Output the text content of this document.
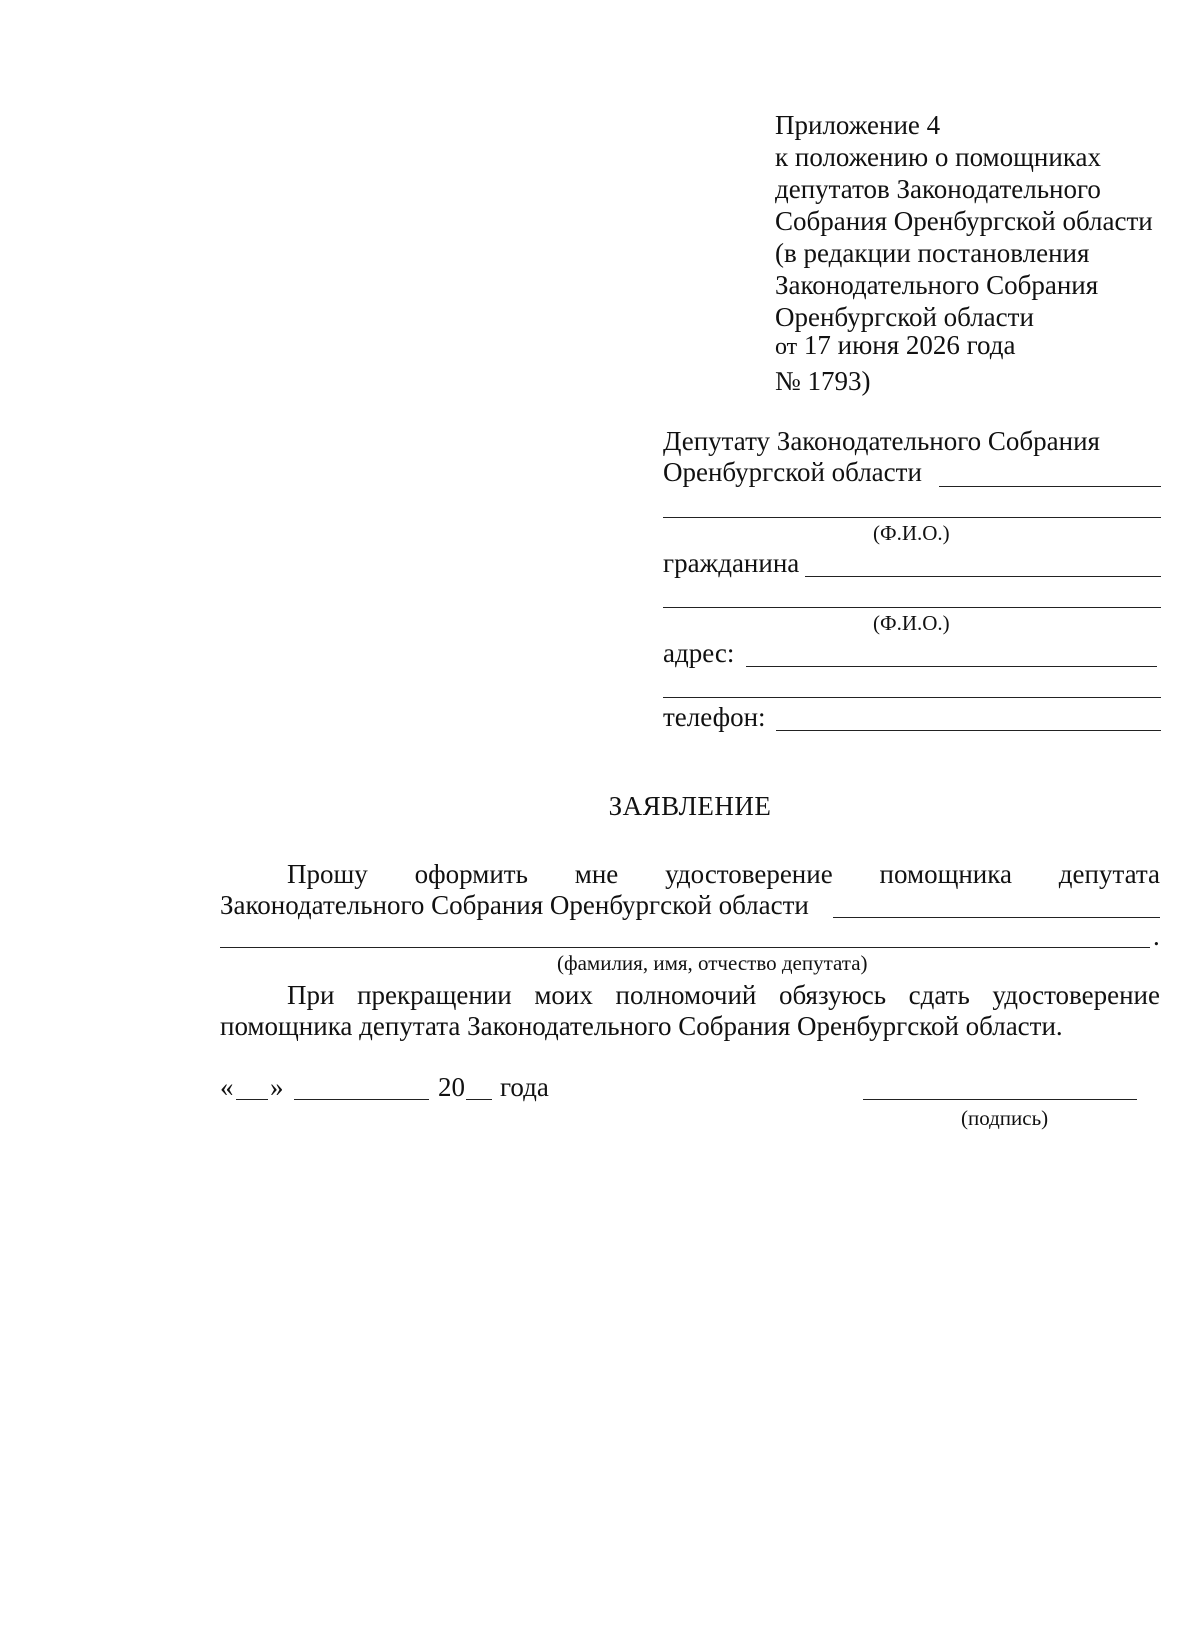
Приложение 4
к положению о помощниках
депутатов Законодательного
Собрания Оренбургской области
(в редакции постановления
Законодательного Собрания
Оренбургской области
от 17 июня 2026 года
№ 1793)
Депутату Законодательного Собрания
Оренбургской области
(Ф.И.О.)
гражданина
(Ф.И.О.)
адрес:
телефон:
ЗАЯВЛЕНИЕ
Прошу оформить мне удостоверение помощника депутата
Законодательного Собрания Оренбургской области
.
(фамилия, имя, отчество депутата)
При прекращении моих полномочий обязуюсь сдать удостоверение
помощника депутата Законодательного Собрания Оренбургской области.
« »	20 года
(подпись)
